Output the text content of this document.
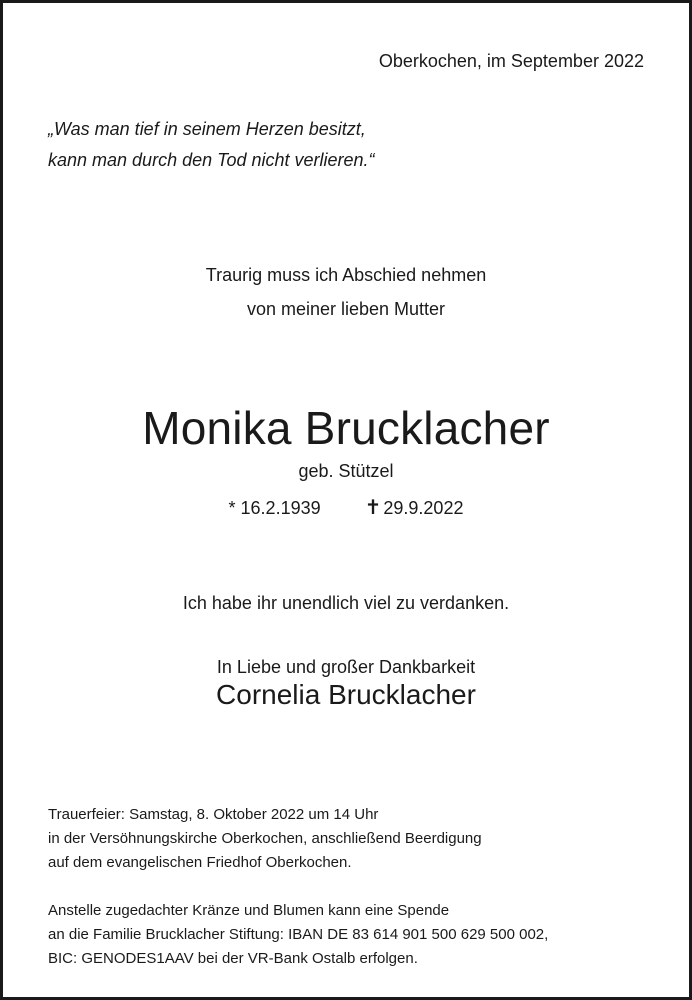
Oberkochen, im September 2022
„Was man tief in seinem Herzen besitzt,
kann man durch den Tod nicht verlieren.“
Traurig muss ich Abschied nehmen
von meiner lieben Mutter
Monika Brucklacher
geb. Stützel
* 16.2.1939 ✝ 29.9.2022
Ich habe ihr unendlich viel zu verdanken.
In Liebe und großer Dankbarkeit
Cornelia Brucklacher
Trauerfeier: Samstag, 8. Oktober 2022 um 14 Uhr
in der Versöhnungskirche Oberkochen, anschließend Beerdigung
auf dem evangelischen Friedhof Oberkochen.
Anstelle zugedachter Kränze und Blumen kann eine Spende
an die Familie Brucklacher Stiftung: IBAN DE 83 614 901 500 629 500 002,
BIC: GENODES1AAV bei der VR-Bank Ostalb erfolgen.
